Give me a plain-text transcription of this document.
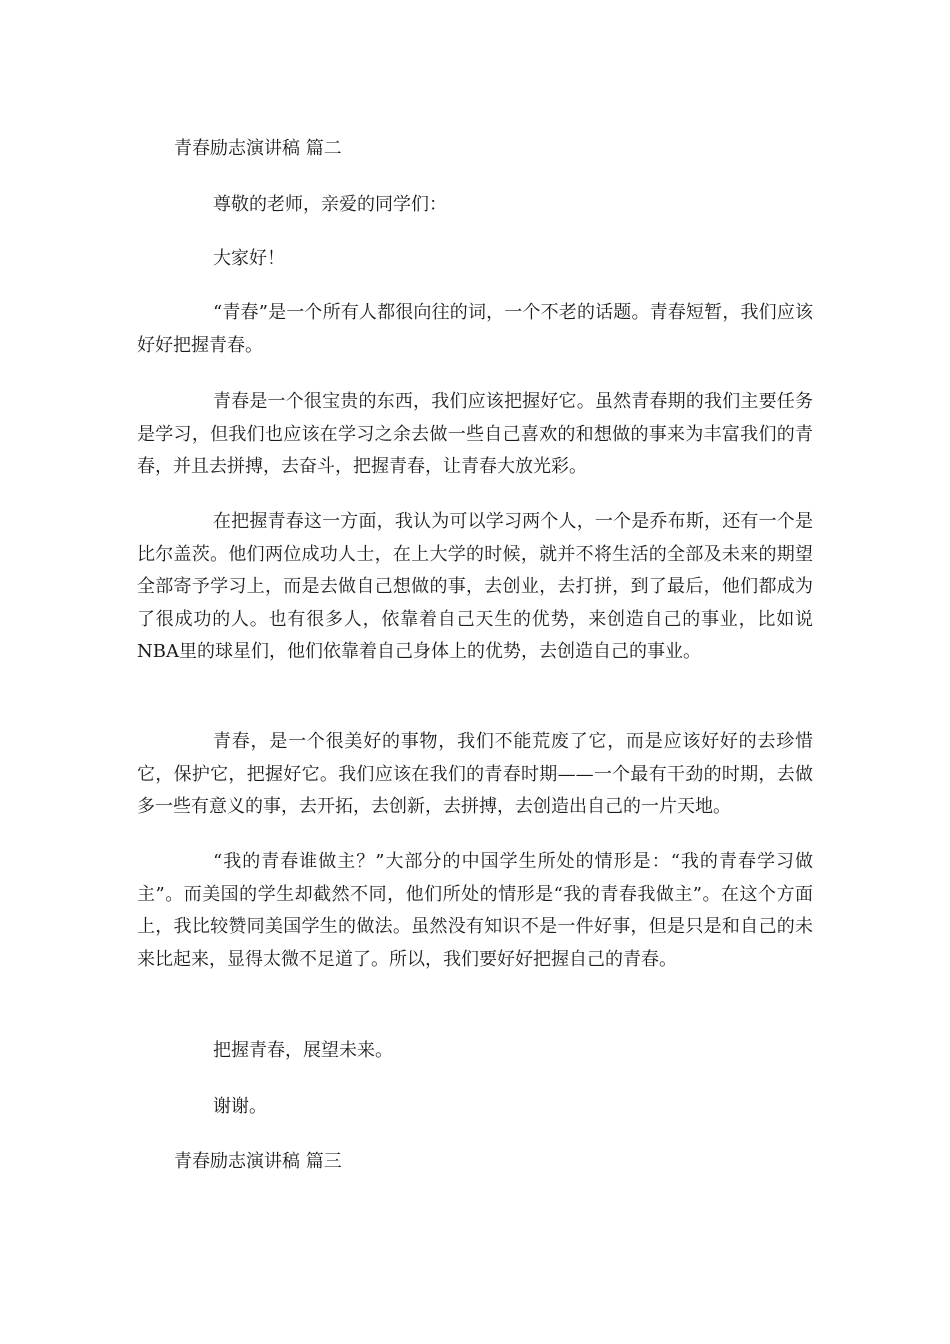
青春励志演讲稿 篇二

尊敬的老师，亲爱的同学们：

大家好！

“青春”是一个所有人都很向往的词，一个不老的话题。青春短暂，我们应该好好把握青春。

青春是一个很宝贵的东西，我们应该把握好它。虽然青春期的我们主要任务是学习，但我们也应该在学习之余去做一些自己喜欢的和想做的事来为丰富我们的青春，并且去拼搏，去奋斗，把握青春，让青春大放光彩。

在把握青春这一方面，我认为可以学习两个人，一个是乔布斯，还有一个是比尔盖茨。他们两位成功人士，在上大学的时候，就并不将生活的全部及未来的期望全部寄予学习上，而是去做自己想做的事，去创业，去打拼，到了最后，他们都成为了很成功的人。也有很多人，依靠着自己天生的优势，来创造自己的事业，比如说NBA里的球星们，他们依靠着自己身体上的优势，去创造自己的事业。

青春，是一个很美好的事物，我们不能荒废了它，而是应该好好的去珍惜它，保护它，把握好它。我们应该在我们的青春时期——一个最有干劲的时期，去做多一些有意义的事，去开拓，去创新，去拼搏，去创造出自己的一片天地。

“我的青春谁做主？”大部分的中国学生所处的情形是：“我的青春学习做主”。而美国的学生却截然不同，他们所处的情形是“我的青春我做主”。在这个方面上，我比较赞同美国学生的做法。虽然没有知识不是一件好事，但是只是和自己的未来比起来，显得太微不足道了。所以，我们要好好把握自己的青春。

把握青春，展望未来。

谢谢。

青春励志演讲稿 篇三
